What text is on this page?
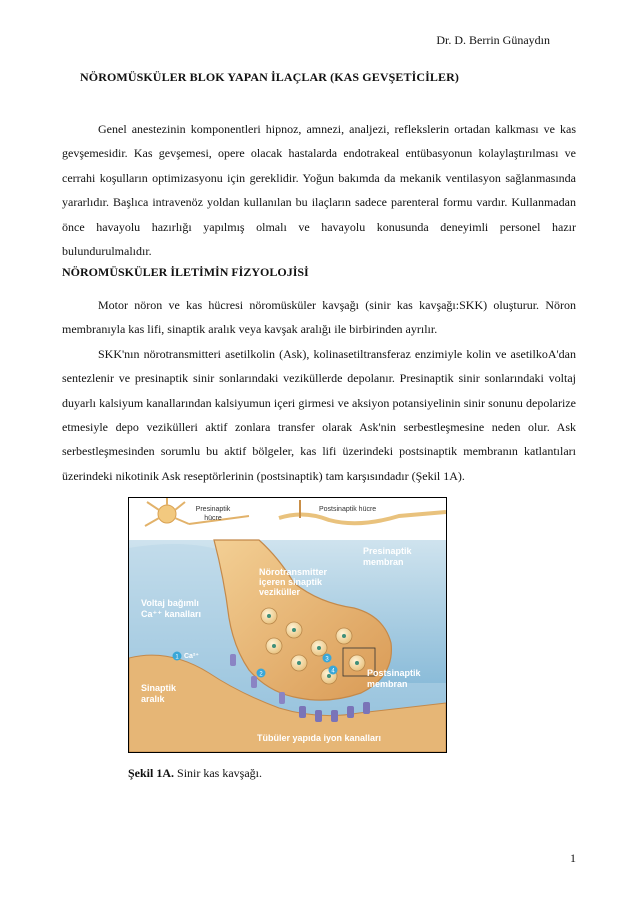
Dr. D. Berrin Günaydın
NÖROMÜSKÜLER BLOK YAPAN İLAÇLAR (KAS GEVŞETİCİLER)

Genel anestezinin komponentleri hipnoz, amnezi, analjezi, reflekslerin ortadan kalkması ve kas gevşemesidir. Kas gevşemesi, opere olacak hastalarda endotrakeal entübasyonun kolaylaştırılması ve cerrahi koşulların optimizasyonu için gereklidir. Yoğun bakımda da mekanik ventilasyon sağlanmasında yararlıdır. Başlıca intravenöz yoldan kullanılan bu ilaçların sadece parenteral formu vardır. Kullanmadan önce havayolu hazırlığı yapılmış olmalı ve havayolu konusunda deneyimli personel hazır bulundurulmalıdır.

NÖROMÜSKÜLER İLETİMİN FİZYOLOJİSİ

Motor nöron ve kas hücresi nöromüsküler kavşağı (sinir kas kavşağı:SKK) oluşturur. Nöron membranıyla kas lifi, sinaptik aralık veya kavşak aralığı ile birbirinden ayrılır.

SKK'nın nörotransmitteri asetilkolin (Ask), kolinasetiltransferaz enzimiyle kolin ve asetilkoA'dan sentezlenir ve presinaptik sinir sonlarındaki veziküllerde depolanır. Presinaptik sinir sonlarındaki voltaj duyarlı kalsiyum kanallarından kalsiyumun içeri girmesi ve aksiyon potansiyelinin sinir sonunu depolarize etmesiyle depo vezikülleri aktif zonlara transfer olarak Ask'nin serbestleşmesine neden olur. Ask serbestleşmesinden sorumlu bu aktif bölgeler, kas lifi üzerindeki postsinaptik membranın katlantıları üzerindeki nikotinik Ask reseptörlerinin (postsinaptik) tam karşısındadır (Şekil 1A).

Presinaptik
hücre
Postsinaptik hücre
1
2
3
4
Nörotransmitter
içeren sinaptik
veziküller
Presinaptik
membran
Voltaj bağımlı
Ca⁺⁺ kanalları
Ca²⁺
Sinaptik
aralık
Postsinaptik
membran
Tübüler yapıda iyon kanalları
Şekil 1A. Sinir kas kavşağı.
1
